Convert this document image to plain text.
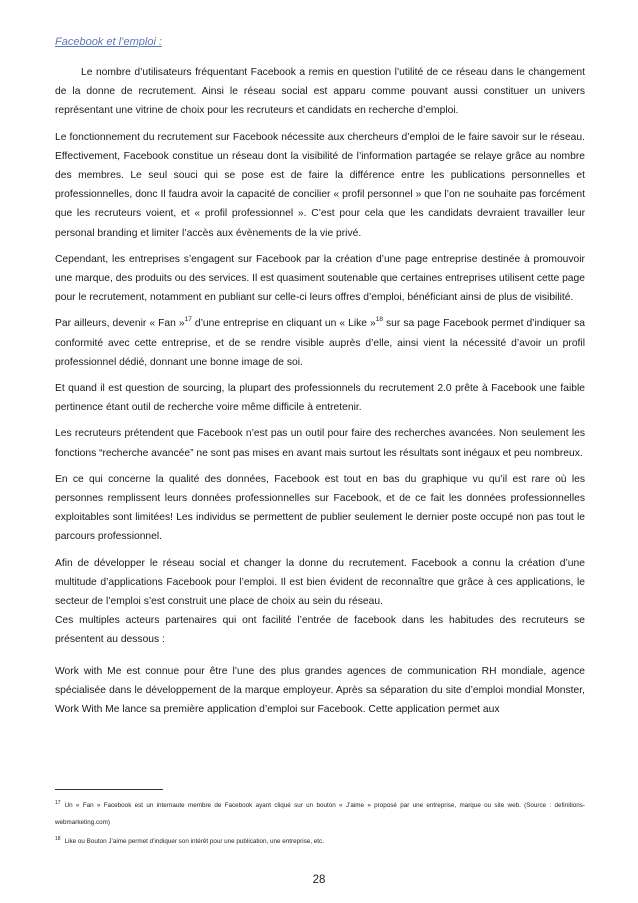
Facebook et l’emploi :

Le nombre d’utilisateurs fréquentant Facebook a remis en question l’utilité de ce réseau dans le changement de la donne de recrutement. Ainsi le réseau social est apparu comme pouvant aussi constituer un univers représentant une vitrine de choix pour les recruteurs et candidats en recherche d’emploi.

Le fonctionnement du recrutement sur Facebook nécessite aux chercheurs d’emploi de le faire savoir sur le réseau. Effectivement, Facebook constitue un réseau dont la visibilité de l’information partagée se relaye grâce au nombre des membres. Le seul souci qui se pose est de faire la différence entre les publications personnelles et professionnelles, donc Il faudra avoir la capacité de concilier « profil personnel » que l’on ne souhaite pas forcément que les recruteurs voient, et « profil professionnel ». C’est pour cela que les candidats devraient travailler leur personal branding et limiter l’accès aux évènements de la vie privé.

Cependant, les entreprises s’engagent sur Facebook par la création d’une page entreprise destinée à promouvoir une marque, des produits ou des services. Il est quasiment soutenable que certaines entreprises utilisent cette page pour le recrutement, notamment en publiant sur celle-ci leurs offres d’emploi, bénéficiant ainsi de plus de visibilité.

Par ailleurs, devenir « Fan »$^{17}$ d’une entreprise en cliquant un « Like »$^{18}$ sur sa page Facebook permet d’indiquer sa conformité avec cette entreprise, et de se rendre visible auprès d’elle, ainsi vient la nécessité d’avoir un profil professionnel dédié, donnant une bonne image de soi.

Et quand il est question de sourcing, la plupart des professionnels du recrutement 2.0 prête à Facebook une faible pertinence étant outil de recherche voire même difficile à entretenir.

Les recruteurs prétendent que Facebook n’est pas un outil pour faire des recherches avancées. Non seulement les fonctions “recherche avancée” ne sont pas mises en avant mais surtout les résultats sont inégaux et peu nombreux.

En ce qui concerne la qualité des données, Facebook est tout en bas du graphique vu qu’il est rare où les personnes remplissent leurs données professionnelles sur Facebook, et de ce fait les données professionnelles exploitables sont limitées! Les individus se permettent de publier seulement le dernier poste occupé non pas tout le parcours professionnel.

Afin de développer le réseau social et changer la donne du recrutement. Facebook a connu la création d’une multitude d’applications Facebook pour l’emploi. Il est bien évident de reconnaître que grâce à ces applications, le secteur de l’emploi s’est construit une place de choix au sein du réseau.

Ces multiples acteurs partenaires qui ont facilité l’entrée de facebook dans les habitudes des recruteurs se présentent au dessous :

Work with Me est connue pour être l’une des plus grandes agences de communication RH mondiale, agence spécialisée dans le développement de la marque employeur. Après sa séparation du site d’emploi mondial Monster, Work With Me lance sa première application d’emploi sur Facebook. Cette application permet aux

$^{17}$ Un « Fan » Facebook est un internaute membre de Facebook ayant cliqué sur un bouton « J’aime » proposé par une entreprise, marque ou site web. (Source : definitions-webmarketing.com)

$^{18}$ Like ou Bouton J’aime permet d’indiquer son intérêt pour une publication, une entreprise, etc.

28
